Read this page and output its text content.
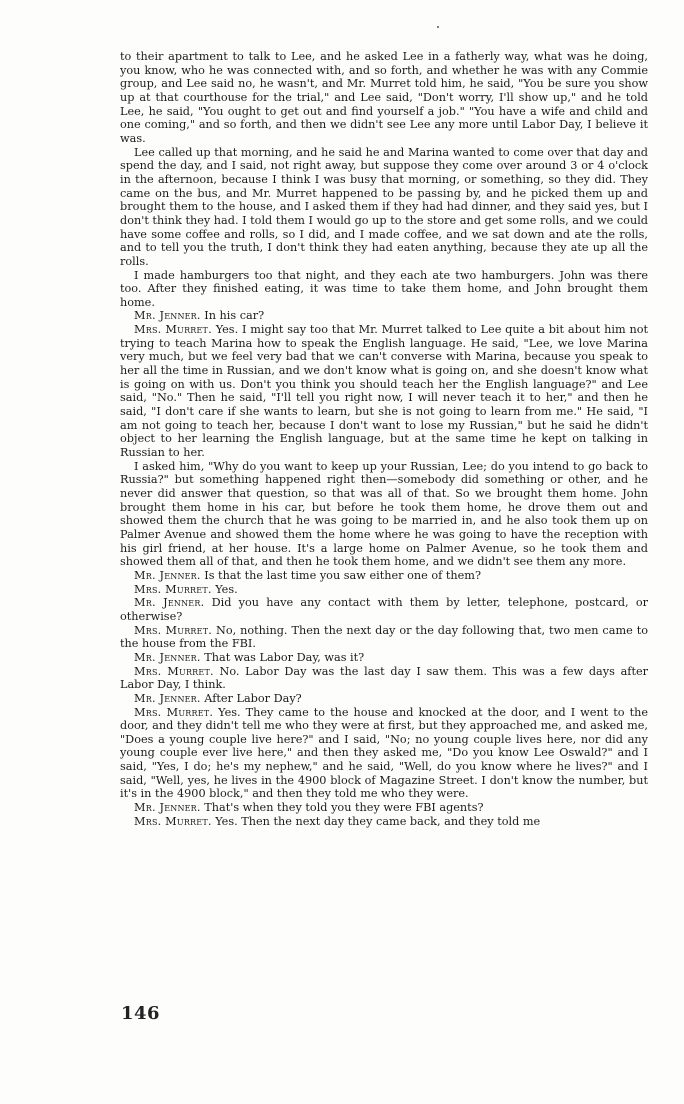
to their apartment to talk to Lee, and he asked Lee in a fatherly way, what was he doing, you know, who he was connected with, and so forth, and whether he was with any Commie group, and Lee said no, he wasn't, and Mr. Murret told him, he said, "You be sure you show up at that courthouse for the trial," and Lee said, "Don't worry, I'll show up," and he told Lee, he said, "You ought to get out and find yourself a job." "You have a wife and child and one coming," and so forth, and then we didn't see Lee any more until Labor Day, I believe it was.

Lee called up that morning, and he said he and Marina wanted to come over that day and spend the day, and I said, not right away, but suppose they come over around 3 or 4 o'clock in the afternoon, because I think I was busy that morning, or something, so they did. They came on the bus, and Mr. Murret happened to be passing by, and he picked them up and brought them to the house, and I asked them if they had had dinner, and they said yes, but I don't think they had. I told them I would go up to the store and get some rolls, and we could have some coffee and rolls, so I did, and I made coffee, and we sat down and ate the rolls, and to tell you the truth, I don't think they had eaten anything, because they ate up all the rolls.

I made hamburgers too that night, and they each ate two hamburgers. John was there too. After they finished eating, it was time to take them home, and John brought them home.

Mr. Jenner. In his car?

Mrs. Murret. Yes. I might say too that Mr. Murret talked to Lee quite a bit about him not trying to teach Marina how to speak the English language. He said, "Lee, we love Marina very much, but we feel very bad that we can't converse with Marina, because you speak to her all the time in Russian, and we don't know what is going on, and she doesn't know what is going on with us. Don't you think you should teach her the English language?" and Lee said, "No." Then he said, "I'll tell you right now, I will never teach it to her," and then he said, "I don't care if she wants to learn, but she is not going to learn from me." He said, "I am not going to teach her, because I don't want to lose my Russian," but he said he didn't object to her learning the English language, but at the same time he kept on talking in Russian to her.

I asked him, "Why do you want to keep up your Russian, Lee; do you intend to go back to Russia?" but something happened right then—somebody did something or other, and he never did answer that question, so that was all of that. So we brought them home. John brought them home in his car, but before he took them home, he drove them out and showed them the church that he was going to be married in, and he also took them up on Palmer Avenue and showed them the home where he was going to have the reception with his girl friend, at her house. It's a large home on Palmer Avenue, so he took them and showed them all of that, and then he took them home, and we didn't see them any more.

Mr. Jenner. Is that the last time you saw either one of them?

Mrs. Murret. Yes.

Mr. Jenner. Did you have any contact with them by letter, telephone, postcard, or otherwise?

Mrs. Murret. No, nothing. Then the next day or the day following that, two men came to the house from the FBI.

Mr. Jenner. That was Labor Day, was it?

Mrs. Murret. No. Labor Day was the last day I saw them. This was a few days after Labor Day, I think.

Mr. Jenner. After Labor Day?

Mrs. Murret. Yes. They came to the house and knocked at the door, and I went to the door, and they didn't tell me who they were at first, but they approached me, and asked me, "Does a young couple live here?" and I said, "No; no young couple lives here, nor did any young couple ever live here," and then they asked me, "Do you know Lee Oswald?" and I said, "Yes, I do; he's my nephew," and he said, "Well, do you know where he lives?" and I said, "Well, yes, he lives in the 4900 block of Magazine Street. I don't know the number, but it's in the 4900 block," and then they told me who they were.

Mr. Jenner. That's when they told you they were FBI agents?

Mrs. Murret. Yes. Then the next day they came back, and they told me

146
